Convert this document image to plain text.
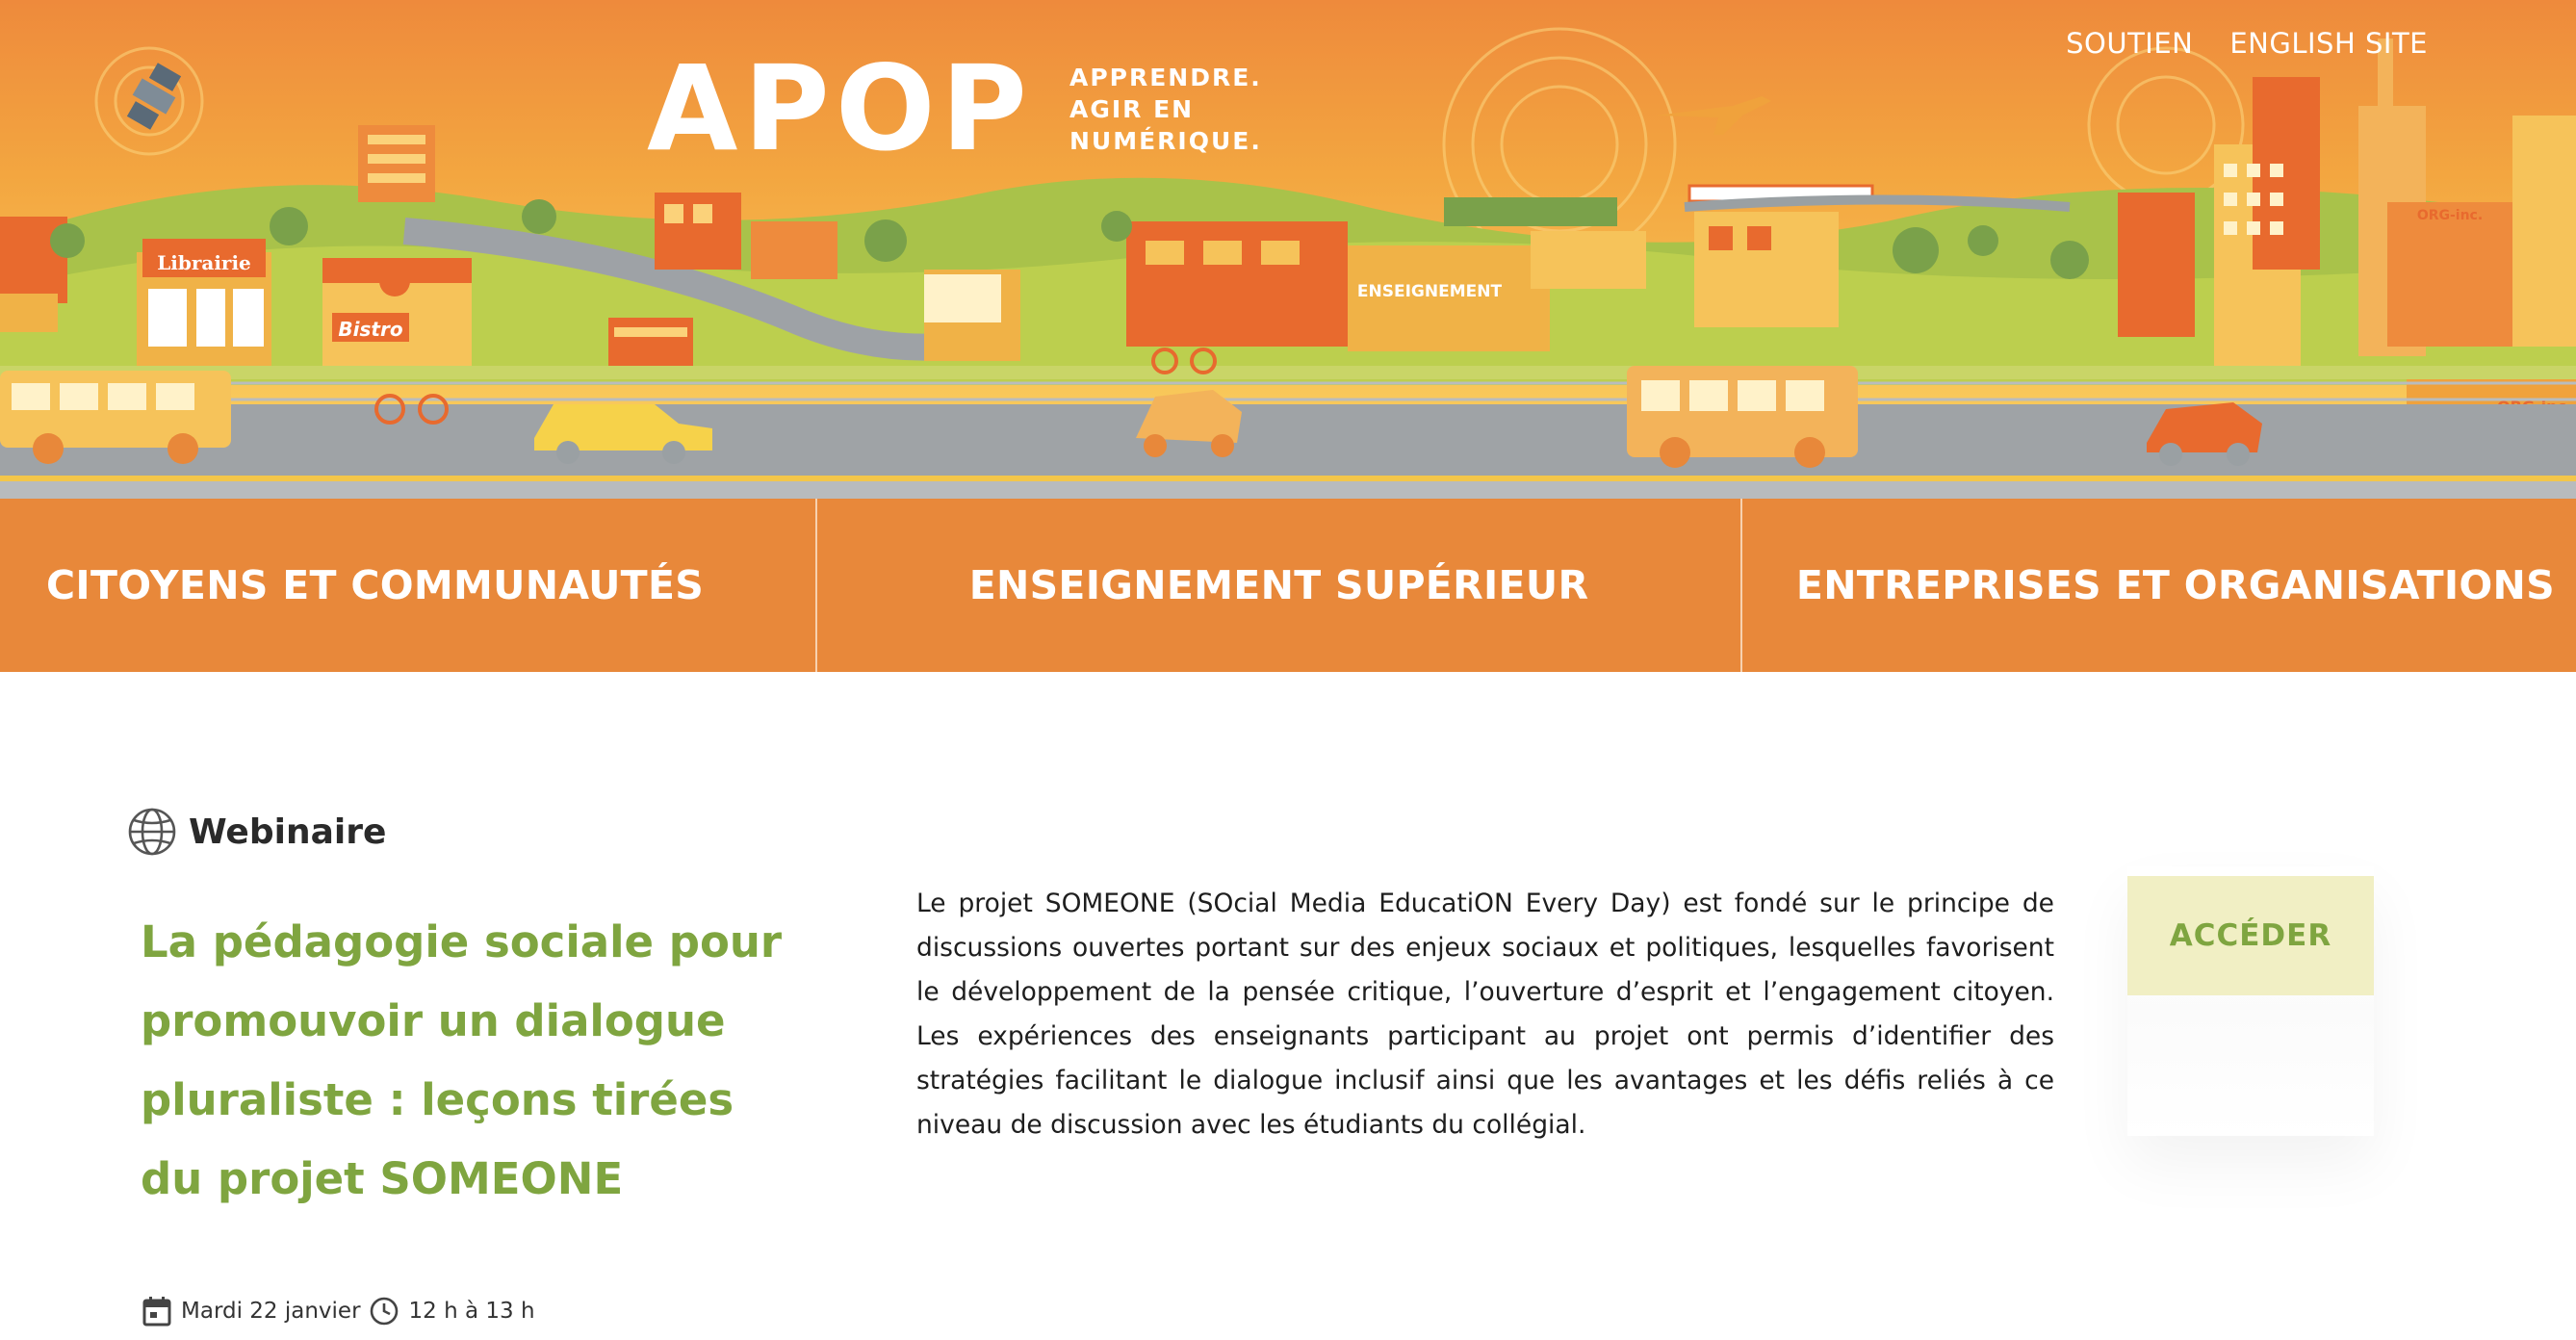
Librairie
Bistro
ENSEIGNEMENT
ORG-inc.
APOP APPRENDRE.
AGIR EN
NUMÉRIQUE.
SOUTIEN ENGLISH SITE
CITOYENS ET COMMUNAUTÉS	ENSEIGNEMENT SUPÉRIEUR	ENTREPRISES ET ORGANISATIONS
Webinaire
La pédagogie sociale pour promouvoir un dialogue pluraliste : leçons tirées du projet SOMEONE
Mardi 22 janvier 12 h à 13 h

Le projet SOMEONE (SOcial Media EducatiON Every Day) est fondé sur le principe de discussions ouvertes portant sur des enjeux sociaux et politiques, lesquelles favorisent le développement de la pensée critique, l’ouverture d’esprit et l’engagement citoyen. Les expériences des enseignants participant au projet ont permis d’identifier des stratégies facilitant le dialogue inclusif ainsi que les avantages et les défis reliés à ce niveau de discussion avec les étudiants du collégial.

ACCÉDER
